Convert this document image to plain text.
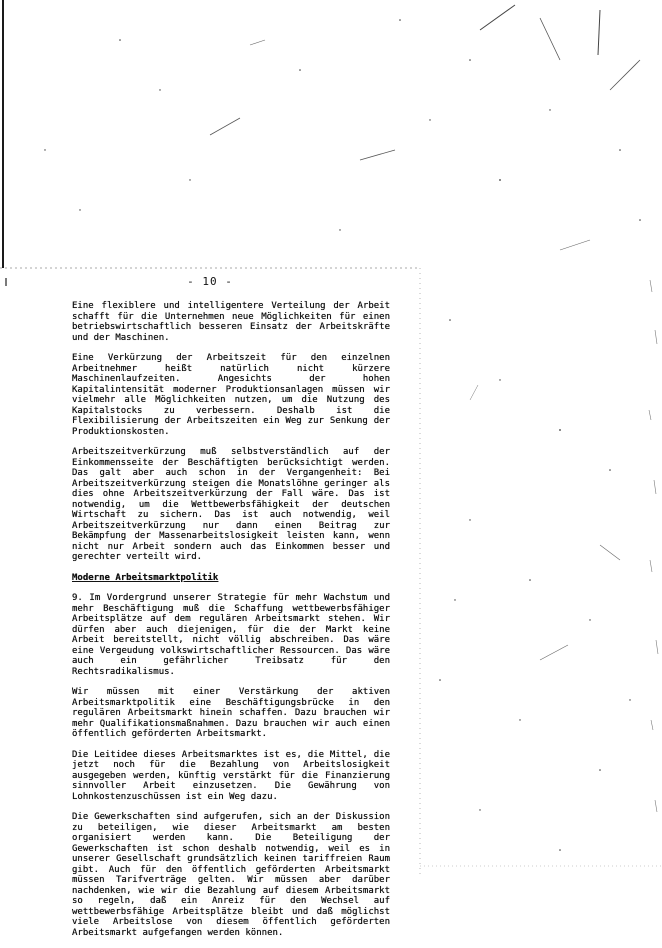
- 10 -

Eine flexiblere und intelligentere Verteilung der Arbeit schafft für die Unternehmen neue Möglichkeiten für einen betriebswirtschaftlich besseren Einsatz der Arbeitskräfte und der Maschinen.

Eine Verkürzung der Arbeitszeit für den einzelnen Arbeitnehmer heißt natürlich nicht kürzere Maschinenlaufzeiten. Angesichts der hohen Kapitalintensität moderner Produktionsanlagen müssen wir vielmehr alle Möglichkeiten nutzen, um die Nutzung des Kapitalstocks zu verbessern. Deshalb ist die Flexibilisierung der Arbeitszeiten ein Weg zur Senkung der Produktionskosten.

Arbeitszeitverkürzung muß selbstverständlich auf der Einkommensseite der Beschäftigten berücksichtigt werden. Das galt aber auch schon in der Vergangenheit: Bei Arbeitszeitverkürzung steigen die Monatslöhne geringer als dies ohne Arbeitszeitverkürzung der Fall wäre. Das ist notwendig, um die Wettbewerbsfähigkeit der deutschen Wirtschaft zu sichern. Das ist auch notwendig, weil Arbeitszeitverkürzung nur dann einen Beitrag zur Bekämpfung der Massenarbeitslosigkeit leisten kann, wenn nicht nur Arbeit sondern auch das Einkommen besser und gerechter verteilt wird.

Moderne Arbeitsmarktpolitik

9. Im Vordergrund unserer Strategie für mehr Wachstum und mehr Beschäftigung muß die Schaffung wettbewerbsfähiger Arbeitsplätze auf dem regulären Arbeitsmarkt stehen. Wir dürfen aber auch diejenigen, für die der Markt keine Arbeit bereitstellt, nicht völlig abschreiben. Das wäre eine Vergeudung volkswirtschaftlicher Ressourcen. Das wäre auch ein gefährlicher Treibsatz für den Rechtsradikalismus.

Wir müssen mit einer Verstärkung der aktiven Arbeitsmarktpolitik eine Beschäftigungsbrücke in den regulären Arbeitsmarkt hinein schaffen. Dazu brauchen wir mehr Qualifikationsmaßnahmen. Dazu brauchen wir auch einen öffentlich geförderten Arbeitsmarkt.

Die Leitidee dieses Arbeitsmarktes ist es, die Mittel, die jetzt noch für die Bezahlung von Arbeitslosigkeit ausgegeben werden, künftig verstärkt für die Finanzierung sinnvoller Arbeit einzusetzen. Die Gewährung von Lohnkostenzuschüssen ist ein Weg dazu.

Die Gewerkschaften sind aufgerufen, sich an der Diskussion zu beteiligen, wie dieser Arbeitsmarkt am besten organisiert werden kann. Die Beteiligung der Gewerkschaften ist schon deshalb notwendig, weil es in unserer Gesellschaft grundsätzlich keinen tariffreien Raum gibt. Auch für den öffentlich geförderten Arbeitsmarkt müssen Tarifverträge gelten. Wir müssen aber darüber nachdenken, wie wir die Bezahlung auf diesem Arbeitsmarkt so regeln, daß ein Anreiz für den Wechsel auf wettbewerbsfähige Arbeitsplätze bleibt und daß möglichst viele Arbeitslose von diesem öffentlich geförderten Arbeitsmarkt aufgefangen werden können.
